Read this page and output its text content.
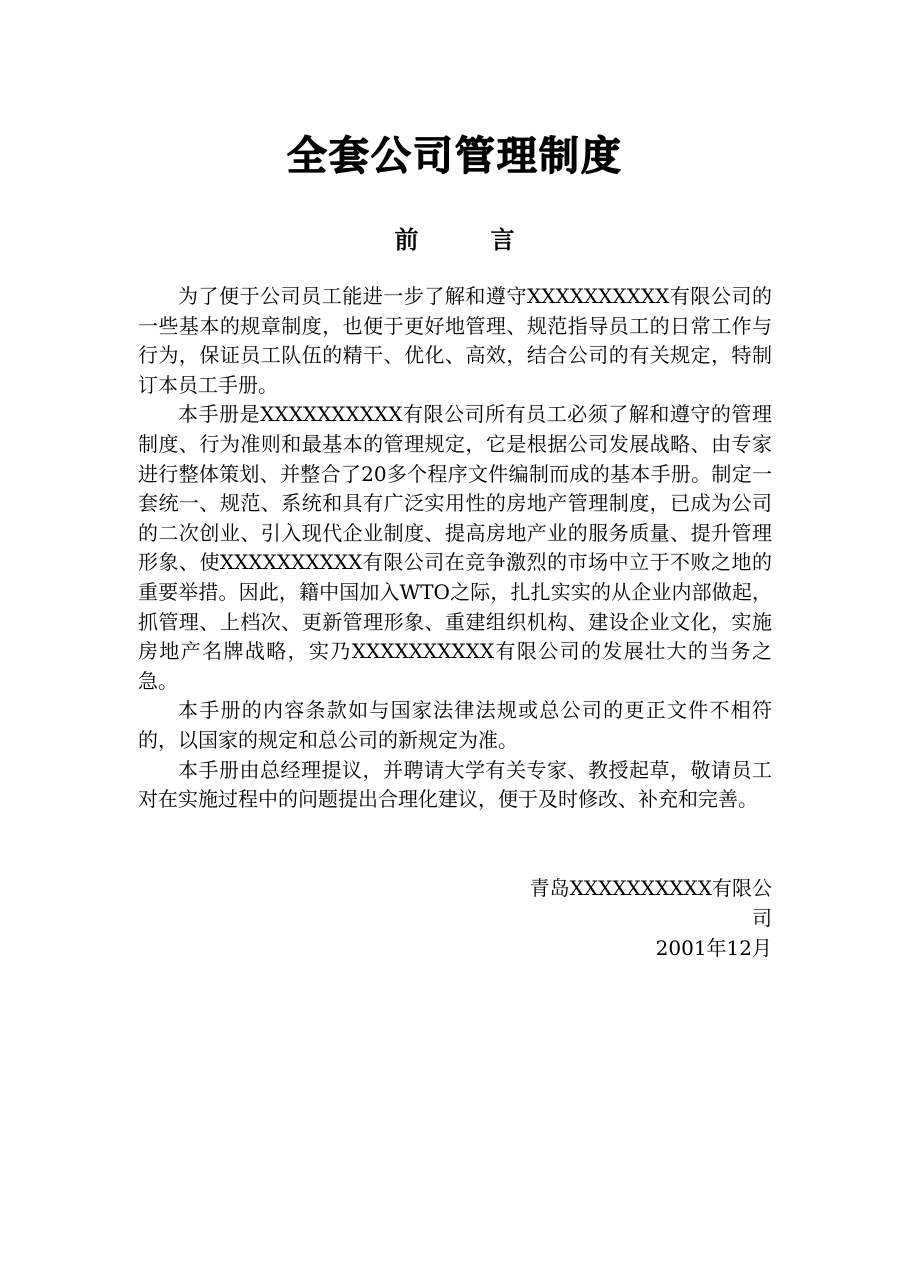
全套公司管理制度
前	言

为了便于公司员工能进一步了解和遵守XXXXXXXXXX有限公司的一些基本的规章制度，也便于更好地管理、规范指导员工的日常工作与行为，保证员工队伍的精干、优化、高效，结合公司的有关规定，特制订本员工手册。

本手册是XXXXXXXXXX有限公司所有员工必须了解和遵守的管理制度、行为准则和最基本的管理规定，它是根据公司发展战略、由专家进行整体策划、并整合了20多个程序文件编制而成的基本手册。制定一套统一、规范、系统和具有广泛实用性的房地产管理制度，已成为公司的二次创业、引入现代企业制度、提高房地产业的服务质量、提升管理形象、使XXXXXXXXXX有限公司在竞争激烈的市场中立于不败之地的重要举措。因此，籍中国加入WTO之际，扎扎实实的从企业内部做起，抓管理、上档次、更新管理形象、重建组织机构、建设企业文化，实施房地产名牌战略，实乃XXXXXXXXXX有限公司的发展壮大的当务之急。

本手册的内容条款如与国家法律法规或总公司的更正文件不相符的，以国家的规定和总公司的新规定为准。

本手册由总经理提议，并聘请大学有关专家、教授起草，敬请员工对在实施过程中的问题提出合理化建议，便于及时修改、补充和完善。

青岛XXXXXXXXXX有限公
司
2001年12月
